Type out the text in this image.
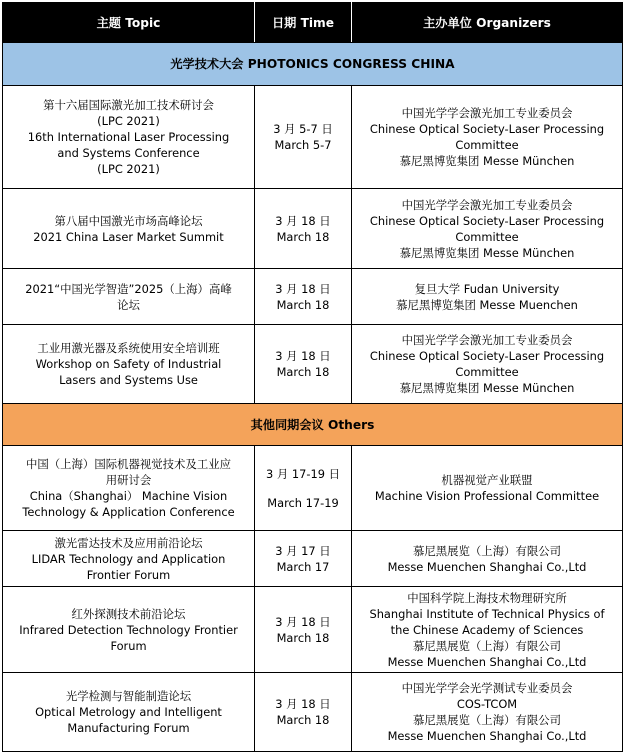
主题 Topic	日期 Time	主办单位 Organizers
光学技术大会 PHOTONICS CONGRESS CHINA		

第十六届国际激光加工技术研讨会
(LPC 2021)
16th International Laser Processing
and Systems Conference
(LPC 2021)	3 月 5-7 日
March 5-7	中国光学学会激光加工专业委员会
Chinese Optical Society-Laser Processing
Committee
慕尼黑博览集团 Messe München

第八届中国激光市场高峰论坛
2021 China Laser Market Summit	3 月 18 日
March 18	中国光学学会激光加工专业委员会
Chinese Optical Society-Laser Processing
Committee
慕尼黑博览集团 Messe München

2021“中国光学智造”2025（上海）高峰
论坛	3 月 18 日
March 18	复旦大学 Fudan University
慕尼黑博览集团 Messe Muenchen

工业用激光器及系统使用安全培训班
Workshop on Safety of Industrial
Lasers and Systems Use	3 月 18 日
March 18	中国光学学会激光加工专业委员会
Chinese Optical Society-Laser Processing
Committee
慕尼黑博览集团 Messe München

其他同期会议 Others		

中国（上海）国际机器视觉技术及工业应
用研讨会
China（Shanghai） Machine Vision
Technology & Application Conference	3 月 17-19 日
March 17-19	机器视觉产业联盟
Machine Vision Professional Committee

激光雷达技术及应用前沿论坛
LIDAR Technology and Application
Frontier Forum	3 月 17 日
March 17	慕尼黑展览（上海）有限公司
Messe Muenchen Shanghai Co.,Ltd

红外探测技术前沿论坛
Infrared Detection Technology Frontier
Forum	3 月 18 日
March 18	中国科学院上海技术物理研究所
Shanghai Institute of Technical Physics of
the Chinese Academy of Sciences
慕尼黑展览（上海）有限公司
Messe Muenchen Shanghai Co.,Ltd

光学检测与智能制造论坛
Optical Metrology and Intelligent
Manufacturing Forum	3 月 18 日
March 18	中国光学学会光学测试专业委员会
COS-TCOM
慕尼黑展览（上海）有限公司
Messe Muenchen Shanghai Co.,Ltd
